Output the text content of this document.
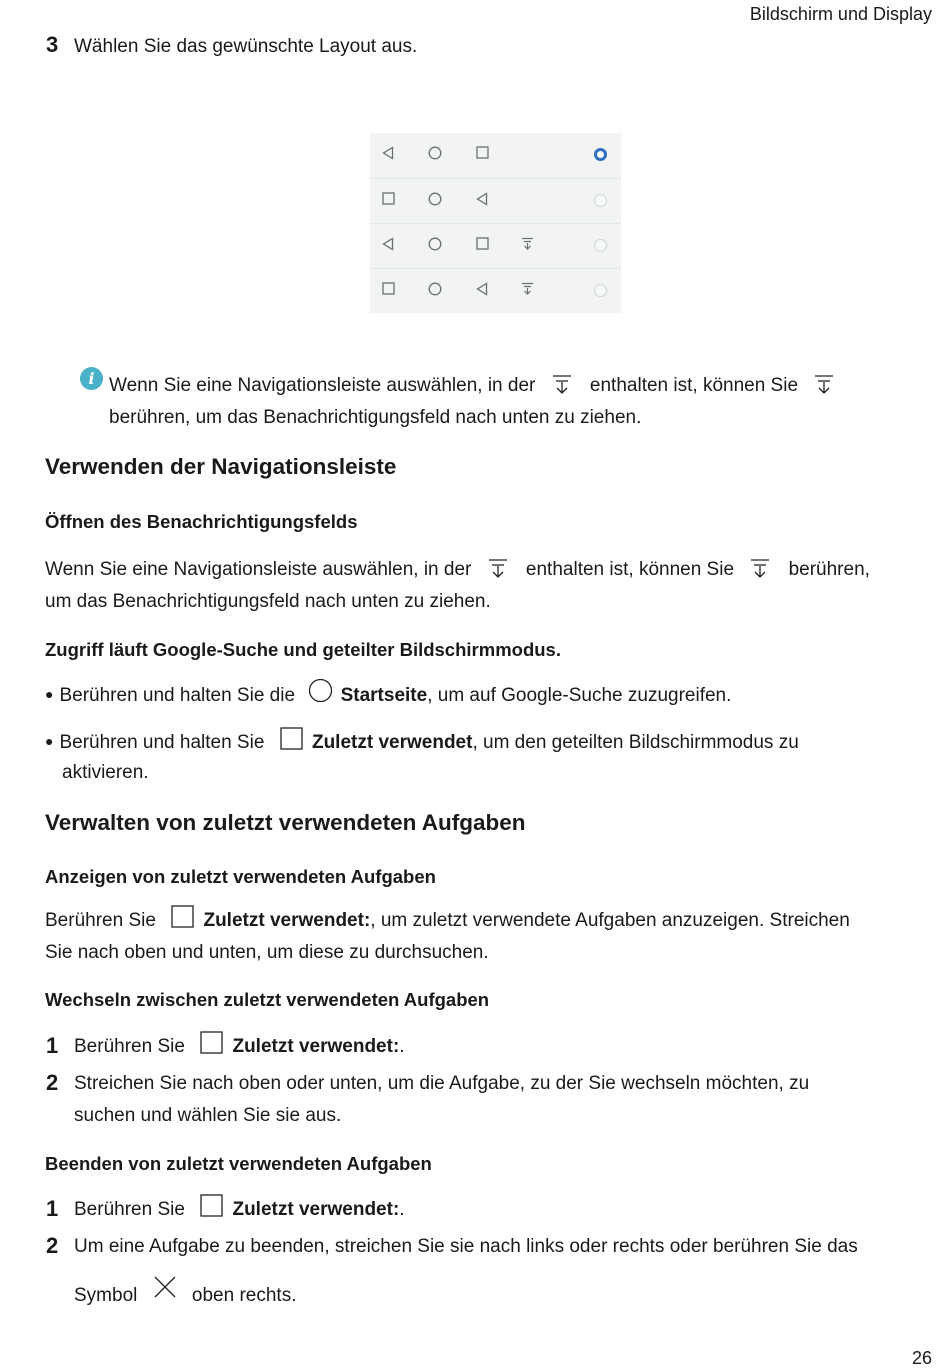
Bildschirm und Display
26
3 Wählen Sie das gewünschte Layout aus.
i Wenn Sie eine Navigationsleiste auswählen, in der	enthalten ist, können Sie
berühren, um das Benachrichtigungsfeld nach unten zu ziehen.
Verwenden der Navigationsleiste
Öffnen des Benachrichtigungsfelds
Wenn Sie eine Navigationsleiste auswählen, in der	enthalten ist, können Sie	berühren,
um das Benachrichtigungsfeld nach unten zu ziehen.
Zugriff läuft Google-Suche und geteilter Bildschirmmodus.
● Berühren und halten Sie die Startseite, um auf Google-Suche zuzugreifen.
● Berühren und halten Sie	Zuletzt verwendet, um den geteilten Bildschirmmodus zu
aktivieren.
Verwalten von zuletzt verwendeten Aufgaben
Anzeigen von zuletzt verwendeten Aufgaben
Berühren Sie	Zuletzt verwendet:, um zuletzt verwendete Aufgaben anzuzeigen. Streichen
Sie nach oben und unten, um diese zu durchsuchen.
Wechseln zwischen zuletzt verwendeten Aufgaben
1 Berühren Sie	Zuletzt verwendet:.
2 Streichen Sie nach oben oder unten, um die Aufgabe, zu der Sie wechseln möchten, zu
suchen und wählen Sie sie aus.
Beenden von zuletzt verwendeten Aufgaben
1 Berühren Sie	Zuletzt verwendet:.
2 Um eine Aufgabe zu beenden, streichen Sie sie nach links oder rechts oder berühren Sie das
Symbol	oben rechts.
